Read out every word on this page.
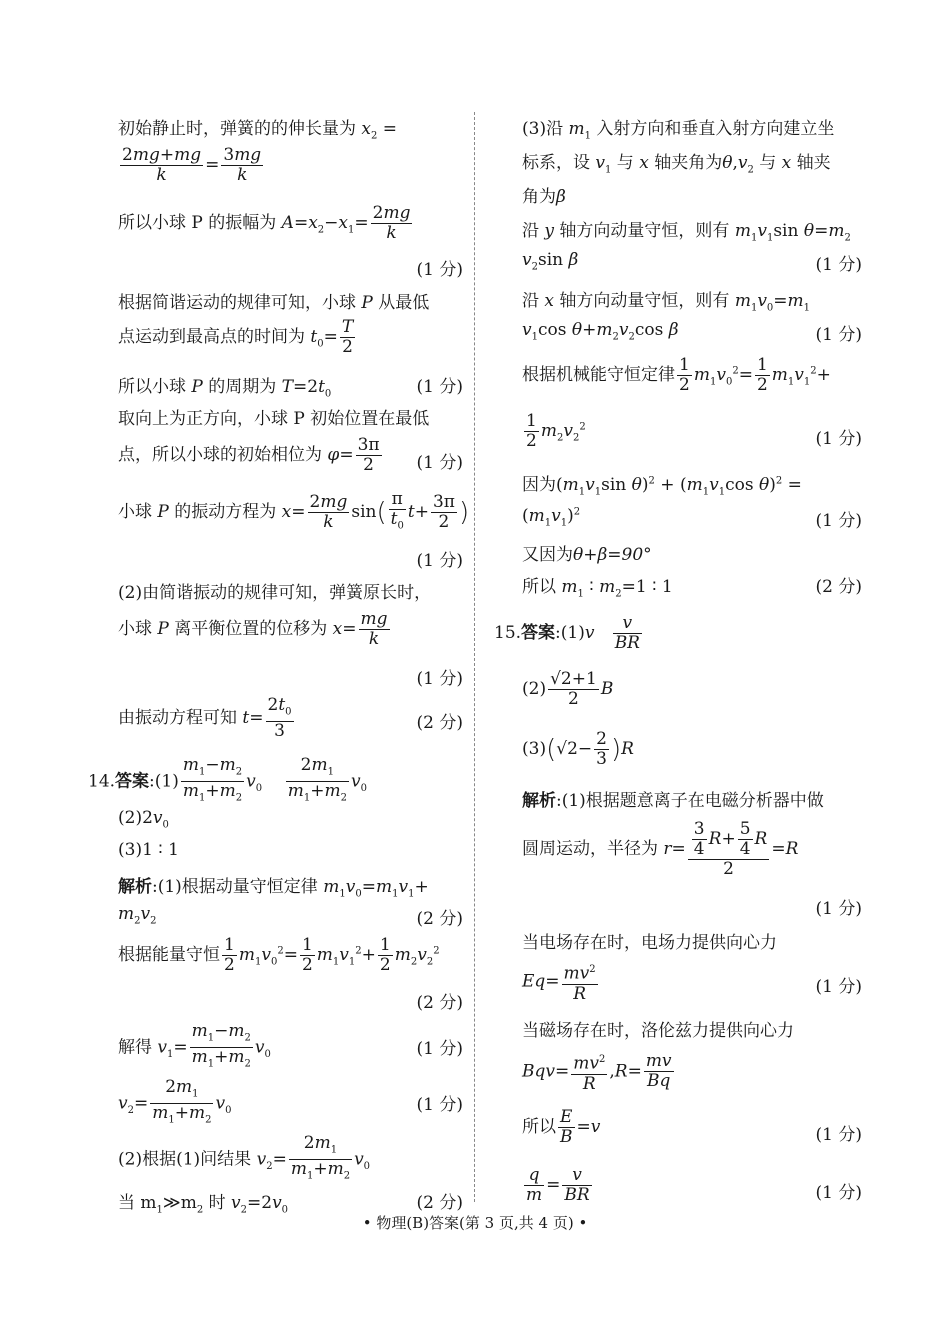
初始静止时，弹簧的的伸长量为 $x_2$ =
$\frac{2mg+mg}{k} = \frac{3mg}{k}$
所以小球 P 的振幅为 $A=x_2-x_1= \frac{2mg}{k}$
(1 分)
根据简谐运动的规律可知，小球 P 从最低
点运动到最高点的时间为 $t_0= \frac{T}{2}$
所以小球 P 的周期为 $T=2t_0$	(1 分)
取向上为正方向，小球 P 初始位置在最低
点，所以小球的初始相位为 $\varphi= \frac{3\pi}{2} (1$ 分)
小球 P 的振动方程为 $x= \frac{2mg}{k} \sin( \frac{\pi}{t_0} t+ \frac{3\pi}{2}$ )
(1 分)
(2)由简谐振动的规律可知，弹簧原长时，
小球 P 离平衡位置的位移为 $x= \frac{mg}{k}$
(1 分)
由振动方程可知 $t= \frac{2t_0}{3}$	(2 分)
14.答案:(1) $\frac{m_1-m_2}{m_1+m_2} v_0 \frac{2m_1}{m_1+m_2} v_0$
$(2)2v_0$
(3)1 ∶ 1
解析:(1)根据动量守恒定律 $m_1v_0=m_1v_1+$
$m_2v_2$	(2 分)
根据能量守恒 $\frac{1}{2} m_1v_0^2= \frac{1}{2} m_1v_1^2+ \frac{1}{2} m_2v_2^2$
(2 分)
解得 $v_1= \frac{m_1-m_2}{m_1+m_2} v_0$	(1 分)
$v_2= \frac{2m_1}{m_1+m_2} v_0$	(1 分)
(2)根据(1)问结果 $v_2= \frac{2m_1}{m_1+m_2} v_0$
当 $m_1≫m_2$ 时 $v_2=2v_0$	(2 分)
(3)沿 $m_1$ 入射方向和垂直入射方向建立坐
标系，设 $v_1$ 与 x 轴夹角为$\theta,v_2$ 与 x 轴夹
角为β
沿 y 轴方向动量守恒，则有 $m_1v_1\sin$ $\theta=m_2$
$v_2\sin$ β	(1 分)
沿 x 轴方向动量守恒，则有 $m_1v_0=m_1$
$v_1\cos$ $\theta+m_2v_2\cos$ β	(1 分)
根据机械能守恒定律 $\frac{1}{2} m_1v_0^2= \frac{1}{2} m_1v_1^2+$
$\frac{1}{2} m_2v_2^2$
(1 分)
因为($m_1v_1\sin$ $\theta)^2 + (m_1v_1\cos$ θ)$^2$ =
$(m_1v_1)^2$	(1 分)
又因为θ+β=90°
所以 $m_1$ ∶ $m_2=1$ ∶ 1	(2 分)
15.答案:(1)v $\frac{v}{BR}$
$(2) \frac{√2+1}{2}$ B
$(3)(√2- \frac{2}{3} )R$
解析:(1)根据题意离子在电磁分析器中做
圆周运动，半径为 $r= \frac{\frac{3}{4} R+ \frac{5}{4} R}{2} =R$
(1 分)
当电场存在时，电场力提供向心力
$Eq= \frac{mv^2}{R}$	(1 分)
当磁场存在时，洛伦兹力提供向心力
$Bqv= \frac{mv^2}{R} ,R= \frac{mv}{Bq}$
所以 $\frac{E}{B} =v$	(1 分)
$\frac{q}{m} = \frac{v}{BR}$	(1 分)
• 物理(B)答案(第 3 页,共 4 页) •
